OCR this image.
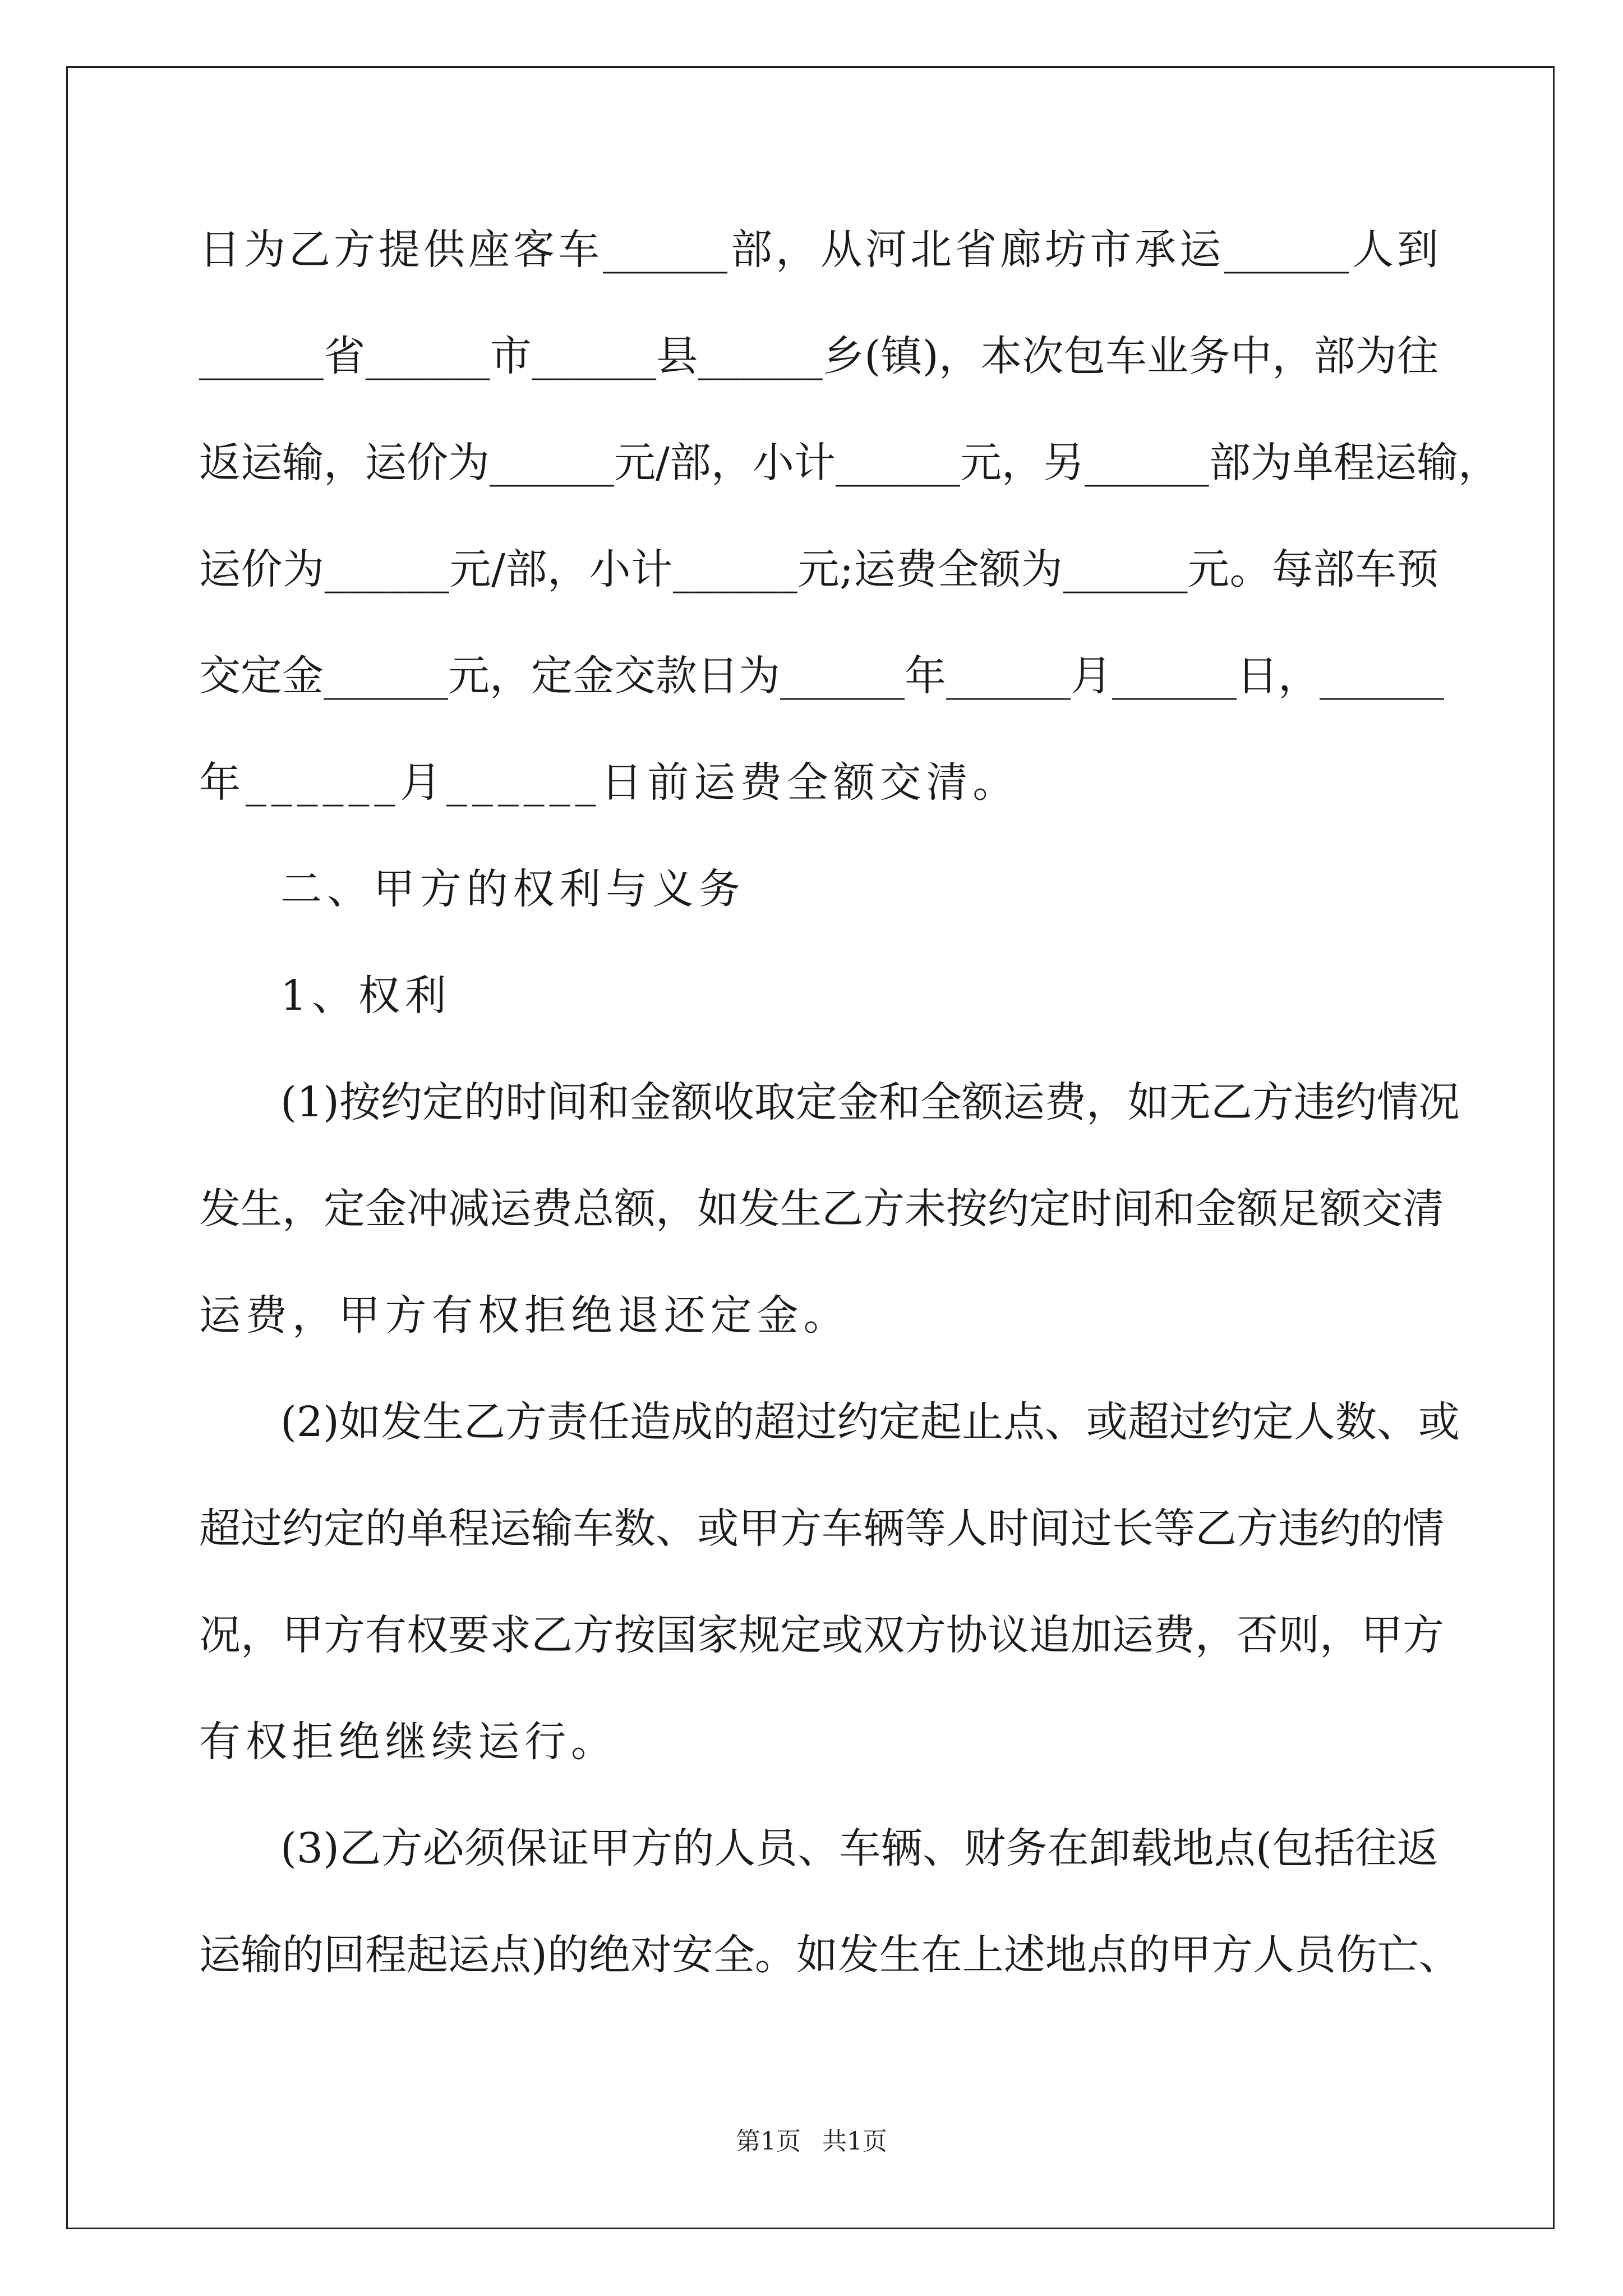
日为乙方提供座客车______部，从河北省廊坊市承运______人到
______省______市______县______乡(镇)，本次包车业务中，部为往
返运输，运价为______元/部，小计______元，另______部为单程运输，
运价为______元/部，小计______元;运费全额为______元。每部车预
交定金______元，定金交款日为______年______月______日，______
年______月______日前运费全额交清。
二、甲方的权利与义务
1、权利
(1)按约定的时间和金额收取定金和全额运费，如无乙方违约情况
发生，定金冲减运费总额，如发生乙方未按约定时间和金额足额交清
运费，甲方有权拒绝退还定金。
(2)如发生乙方责任造成的超过约定起止点、或超过约定人数、或
超过约定的单程运输车数、或甲方车辆等人时间过长等乙方违约的情
况，甲方有权要求乙方按国家规定或双方协议追加运费，否则，甲方
有权拒绝继续运行。
(3)乙方必须保证甲方的人员、车辆、财务在卸载地点(包括往返
运输的回程起运点)的绝对安全。如发生在上述地点的甲方人员伤亡、
第1页 共1页
